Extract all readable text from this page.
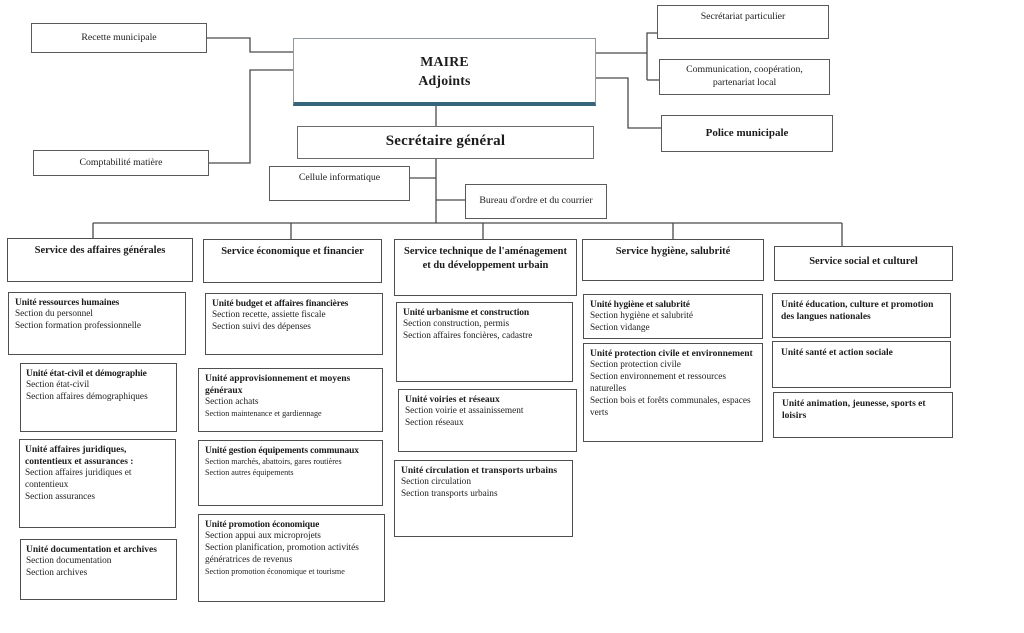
Recette municipale
Comptabilité matière
MAIRE
Adjoints
Secrétariat particulier
Communication, coopération,
partenariat local
Police municipale
Secrétaire général
Cellule informatique
Bureau d'ordre et du courrier
Service des affaires générales	Service économique et financier	Service technique de l'aménagement et du développement urbain
Service hygiène, salubrité
Service social et culturel
Unité ressources humaines
Section du personnel
Section formation professionnelle
Unité état-civil et démographie
Section état-civil
Section affaires démographiques
Unité affaires juridiques, contentieux et assurances :
Section affaires juridiques et contentieux
Section assurances
Unité documentation et archives
Section documentation
Section archives
Unité budget et affaires financières
Section recette, assiette fiscale
Section suivi des dépenses
Unité approvisionnement et moyens généraux
Section achats
Section maintenance et gardiennage
Unité gestion équipements communaux
Section marchés, abattoirs, gares routières
Section autres équipements
Unité promotion économique
Section appui aux microprojets
Section planification, promotion activités génératrices de revenus
Section promotion économique et tourisme
Unité urbanisme et construction
Section construction, permis
Section affaires foncières, cadastre
Unité voiries et réseaux
Section voirie et assainissement
Section réseaux
Unité circulation et transports urbains
Section circulation
Section transports urbains
Unité hygiène et salubrité
Section hygiène et salubrité
Section vidange
Unité protection civile et environnement
Section protection civile
Section environnement et ressources naturelles
Section bois et forêts communales, espaces verts
Unité éducation, culture et promotion des langues nationales
Unité santé et action sociale
Unité animation, jeunesse, sports et loisirs
